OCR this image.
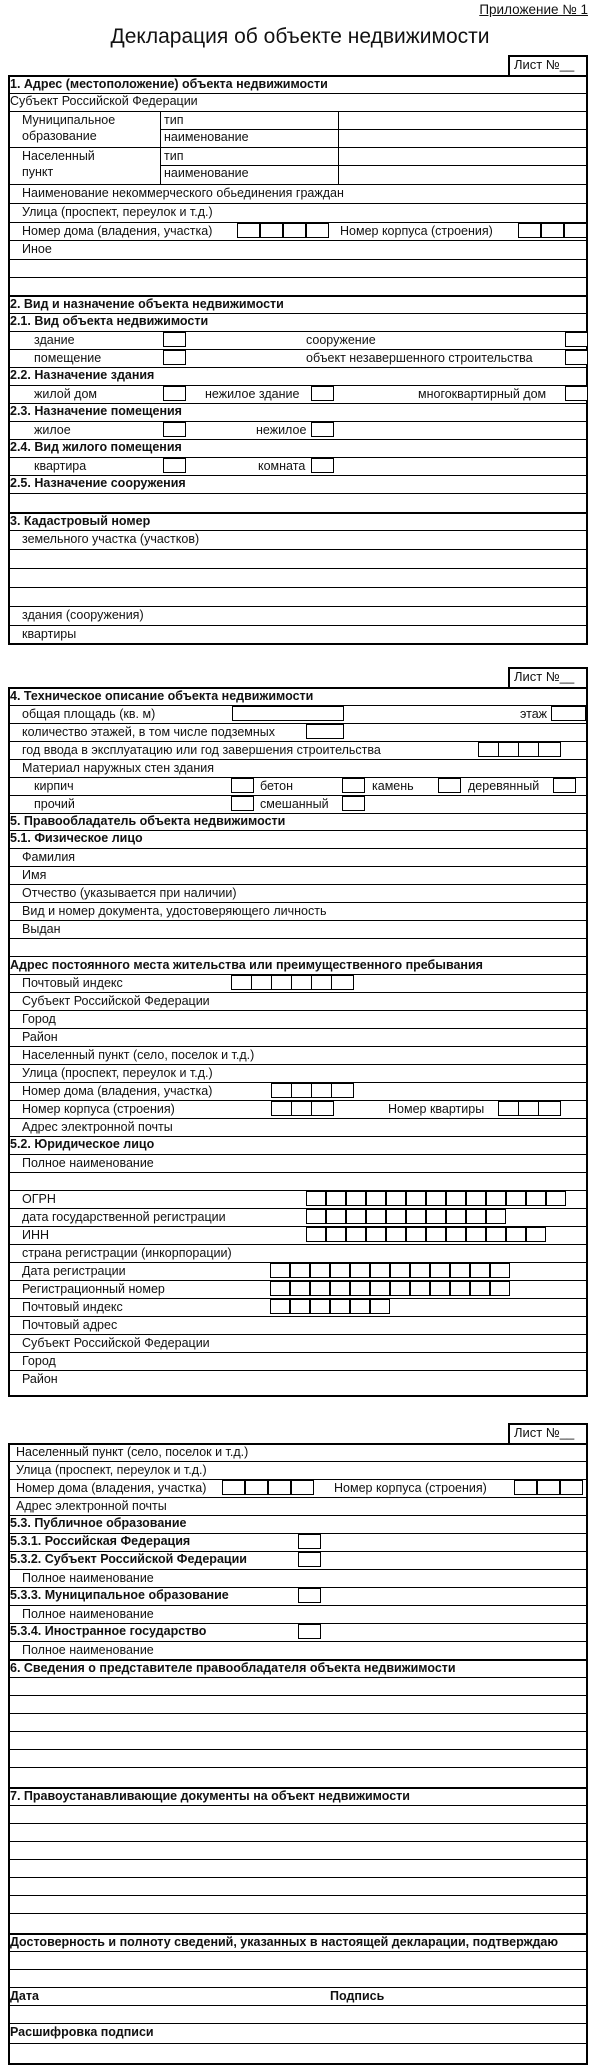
Приложение № 1
Декларация об объекте недвижимости
Лист №__
1. Адрес (местоположение) объекта недвижимости
Субъект Российской Федерации
Муниципальное
образование
тип
наименование
Населенный
пункт
тип
наименование
Наименование некоммерческого обьединения граждан
Улица (проспект, переулок и т.д.)
Номер дома (владения, участка)	Номер корпуса (строения)
Иное
2. Вид и назначение объекта недвижимости
2.1. Вид объекта недвижимости
здание	сооружение
помещение	объект незавершенного строительства
2.2. Назначение здания
жилой дом	нежилое здание	многоквартирный дом
2.3. Назначение помещения
жилое	нежилое
2.4. Вид жилого помещения
квартира	комната
2.5. Назначение сооружения
3. Кадастровый номер
земельного участка (участков)
здания (сооружения)
квартиры
Лист №__
4. Техническое описание объекта недвижимости
общая площадь (кв. м)	этаж
количество этажей, в том числе подземных
год ввода в эксплуатацию или год завершения строительства
Материал наружных стен здания
кирпич	бетон	камень	деревянный
прочий	смешанный
5. Правообладатель объекта недвижимости
5.1. Физическое лицо
Фамилия
Имя
Отчество (указывается при наличии)
Вид и номер документа, удостоверяющего личность
Выдан
Адрес постоянного места жительства или преимущественного пребывания
Почтовый индекс
Субъект Российской Федерации
Город
Район
Населенный пункт (село, поселок и т.д.)
Улица (проспект, переулок и т.д.)
Номер дома (владения, участка)
Номер корпуса (строения)	Номер квартиры
Адрес электронной почты
5.2. Юридическое лицо
Полное наименование
ОГРН
дата государственной регистрации
ИНН
страна регистрации (инкорпорации)
Дата регистрации
Регистрационный номер
Почтовый индекс
Почтовый адрес
Субъект Российской Федерации
Город
Район
Лист №__
Населенный пункт (село, поселок и т.д.)
Улица (проспект, переулок и т.д.)
Номер дома (владения, участка)	Номер корпуса (строения)
Адрес электронной почты
5.3. Публичное образование
5.3.1. Российская Федерация
5.3.2. Субъект Российской Федерации
Полное наименование
5.3.3. Муниципальное образование
Полное наименование
5.3.4. Иностранное государство
Полное наименование
6. Сведения о представителе правообладателя объекта недвижимости
7. Правоустанавливающие документы на объект недвижимости
Достоверность и полноту сведений, указанных в настоящей декларации, подтверждаю
Дата	Подпись
Расшифровка подписи
